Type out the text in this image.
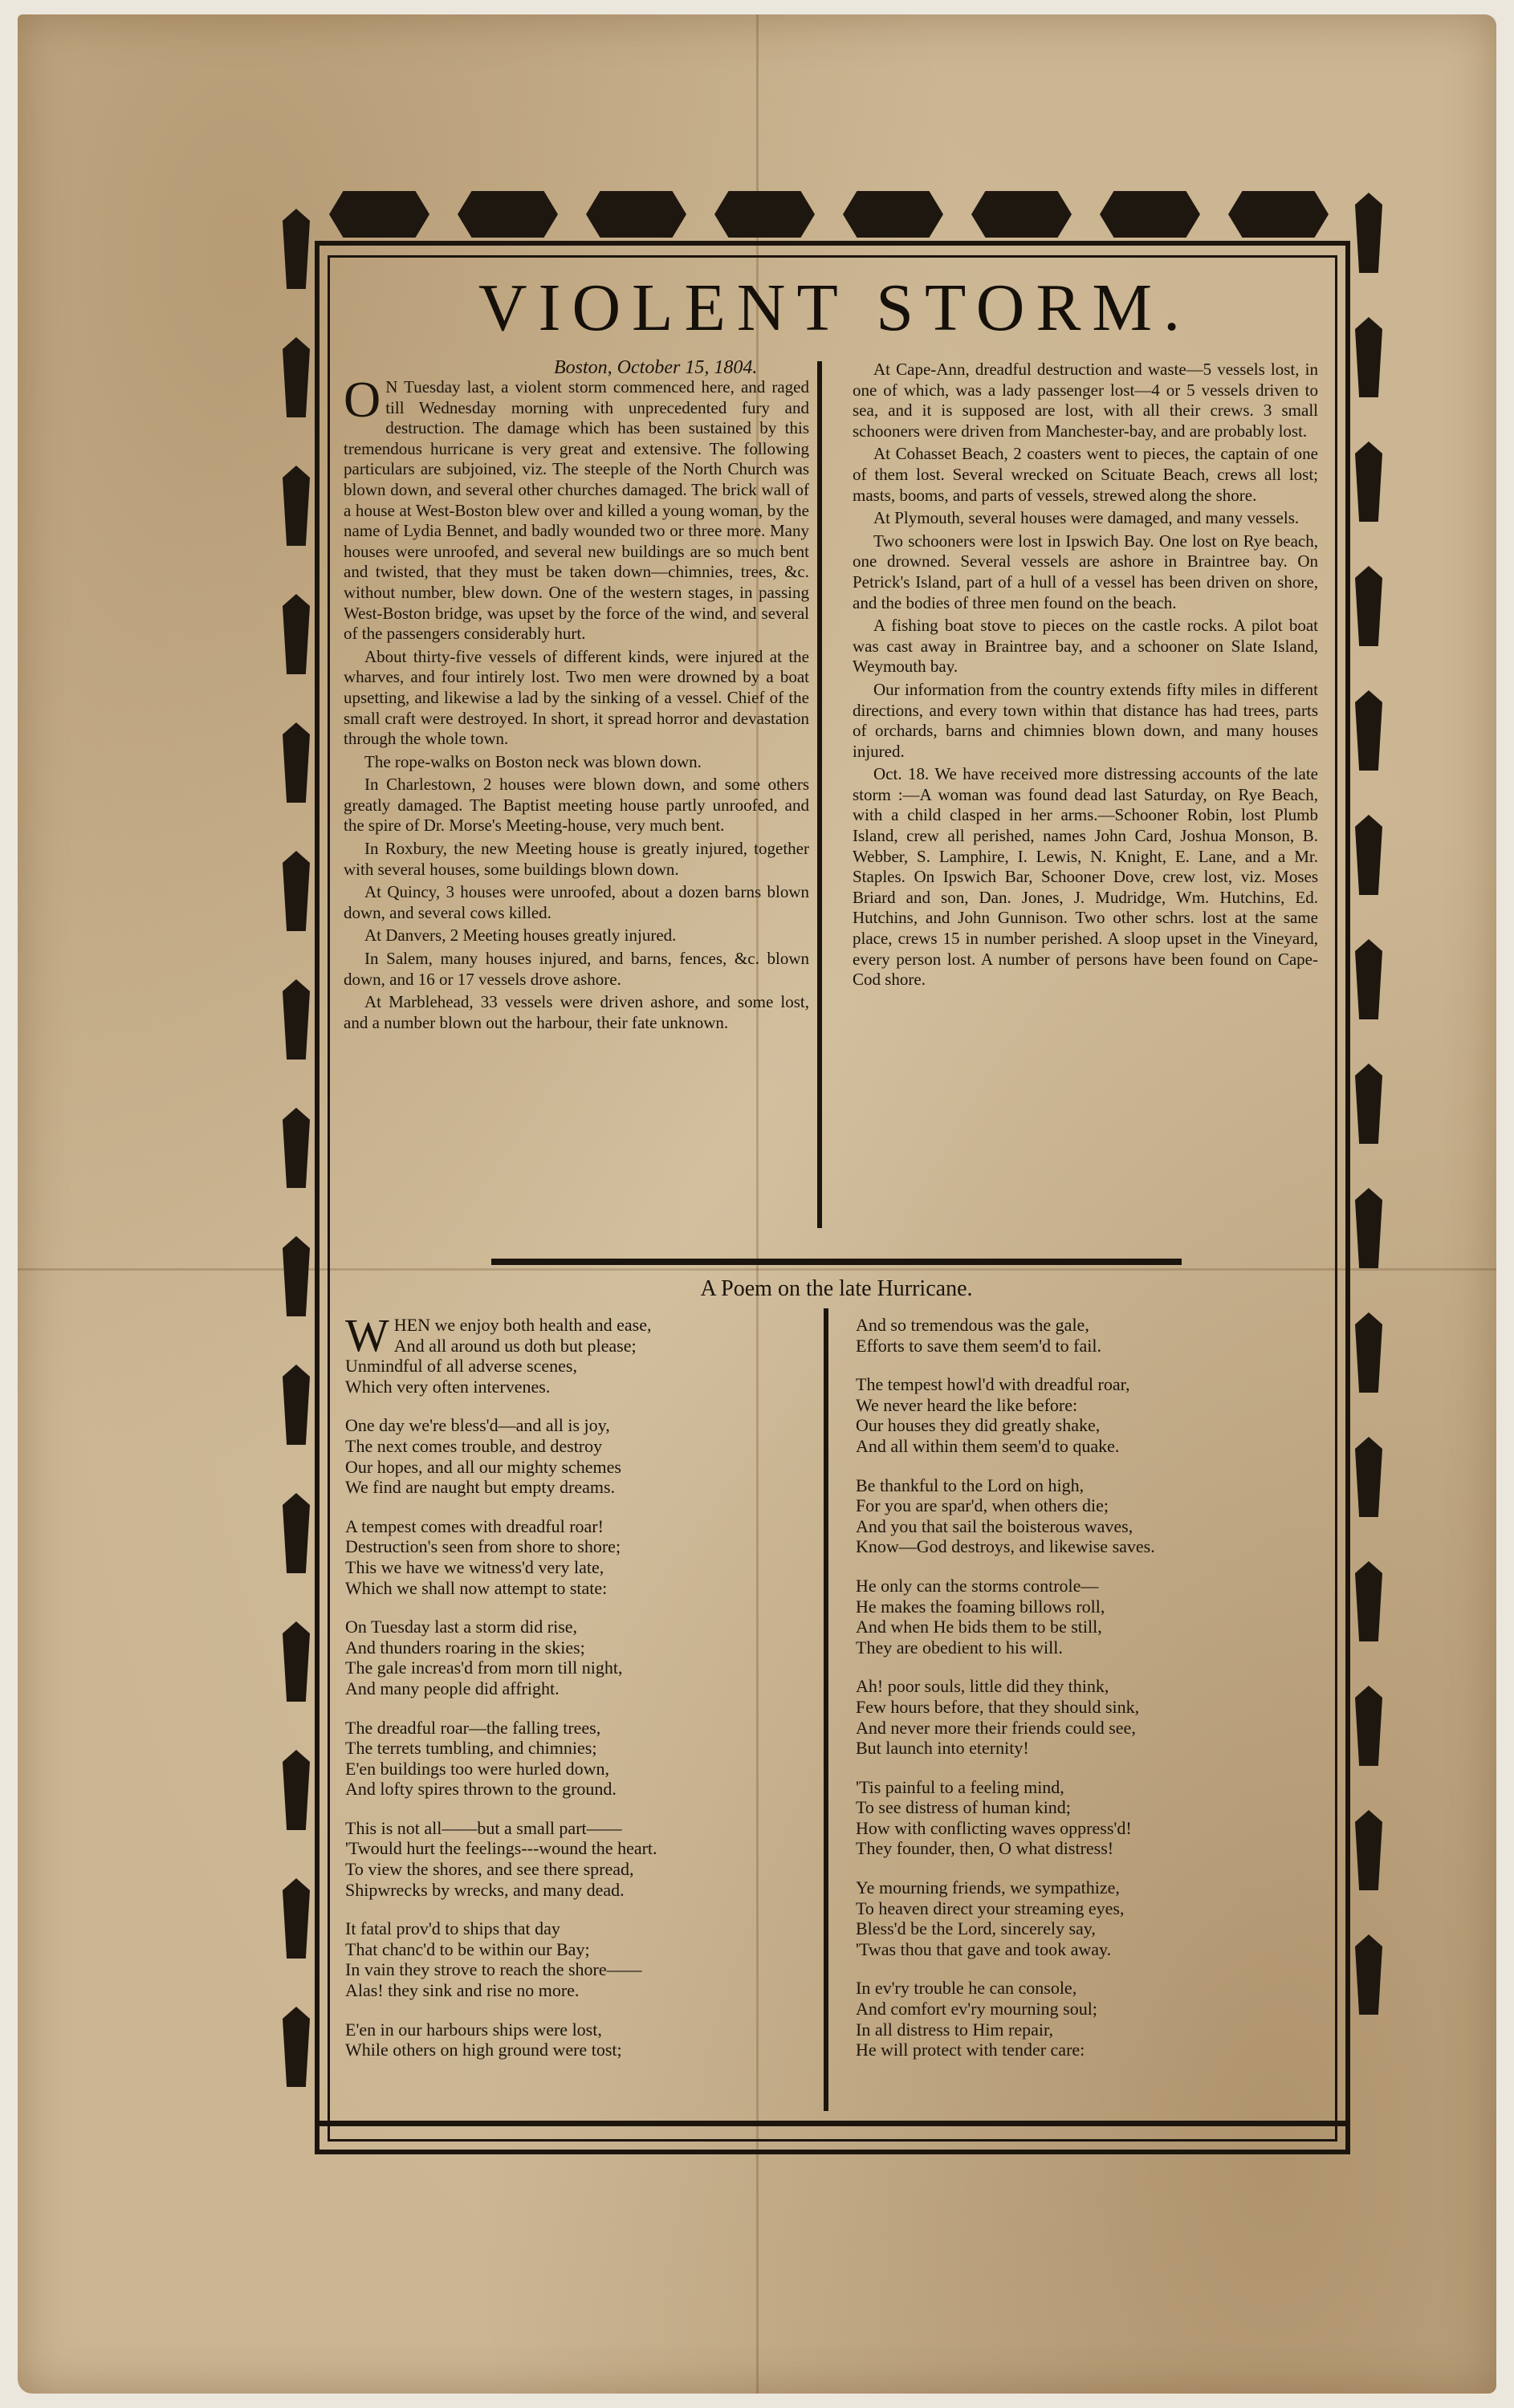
VIOLENT STORM.
Boston, October 15, 1804.

O N Tuesday last, a violent storm commenced here, and raged till Wednesday morning with unprecedented fury and destruction. The damage which has been sustained by this tremendous hurricane is very great and extensive. The following particulars are subjoined, viz. The steeple of the North Church was blown down, and several other churches damaged. The brick wall of a house at West-Boston blew over and killed a young woman, by the name of Lydia Bennet, and badly wounded two or three more. Many houses were unroofed, and several new buildings are so much bent and twisted, that they must be taken down—chimnies, trees, &c. without number, blew down. One of the western stages, in passing West-Boston bridge, was upset by the force of the wind, and several of the passengers considerably hurt.

About thirty-five vessels of different kinds, were injured at the wharves, and four intirely lost. Two men were drowned by a boat upsetting, and likewise a lad by the sinking of a vessel. Chief of the small craft were destroyed. In short, it spread horror and devastation through the whole town.

The rope-walks on Boston neck was blown down.

In Charlestown, 2 houses were blown down, and some others greatly damaged. The Baptist meeting house partly unroofed, and the spire of Dr. Morse's Meeting-house, very much bent.

In Roxbury, the new Meeting house is greatly injured, together with several houses, some buildings blown down.

At Quincy, 3 houses were unroofed, about a dozen barns blown down, and several cows killed.

At Danvers, 2 Meeting houses greatly injured.

In Salem, many houses injured, and barns, fences, &c. blown down, and 16 or 17 vessels drove ashore.

At Marblehead, 33 vessels were driven ashore, and some lost, and a number blown out the harbour, their fate unknown.

At Cape-Ann, dreadful destruction and waste—5 vessels lost, in one of which, was a lady passenger lost—4 or 5 vessels driven to sea, and it is supposed are lost, with all their crews. 3 small schooners were driven from Manchester-bay, and are probably lost.

At Cohasset Beach, 2 coasters went to pieces, the captain of one of them lost. Several wrecked on Scituate Beach, crews all lost; masts, booms, and parts of vessels, strewed along the shore.

At Plymouth, several houses were damaged, and many vessels.

Two schooners were lost in Ipswich Bay. One lost on Rye beach, one drowned. Several vessels are ashore in Braintree bay. On Petrick's Island, part of a hull of a vessel has been driven on shore, and the bodies of three men found on the beach.

A fishing boat stove to pieces on the castle rocks. A pilot boat was cast away in Braintree bay, and a schooner on Slate Island, Weymouth bay.

Our information from the country extends fifty miles in different directions, and every town within that distance has had trees, parts of orchards, barns and chimnies blown down, and many houses injured.

Oct. 18. We have received more distressing accounts of the late storm :—A woman was found dead last Saturday, on Rye Beach, with a child clasped in her arms.—Schooner Robin, lost Plumb Island, crew all perished, names John Card, Joshua Monson, B. Webber, S. Lamphire, I. Lewis, N. Knight, E. Lane, and a Mr. Staples. On Ipswich Bar, Schooner Dove, crew lost, viz. Moses Briard and son, Dan. Jones, J. Mudridge, Wm. Hutchins, Ed. Hutchins, and John Gunnison. Two other schrs. lost at the same place, crews 15 in number perished. A sloop upset in the Vineyard, every person lost. A number of persons have been found on Cape-Cod shore.

A Poem on the late Hurricane.
W HEN we enjoy both health and ease,
And all around us doth but please;
Unmindful of all adverse scenes,
Which very often intervenes.
One day we're bless'd—and all is joy,
The next comes trouble, and destroy
Our hopes, and all our mighty schemes
We find are naught but empty dreams.
A tempest comes with dreadful roar!
Destruction's seen from shore to shore;
This we have we witness'd very late,
Which we shall now attempt to state:
On Tuesday last a storm did rise,
And thunders roaring in the skies;
The gale increas'd from morn till night,
And many people did affright.
The dreadful roar—the falling trees,
The terrets tumbling, and chimnies;
E'en buildings too were hurled down,
And lofty spires thrown to the ground.
This is not all——but a small part——
'Twould hurt the feelings---wound the heart.
To view the shores, and see there spread,
Shipwrecks by wrecks, and many dead.
It fatal prov'd to ships that day
That chanc'd to be within our Bay;
In vain they strove to reach the shore——
Alas! they sink and rise no more.
E'en in our harbours ships were lost,
While others on high ground were tost;
And so tremendous was the gale,
Efforts to save them seem'd to fail.
The tempest howl'd with dreadful roar,
We never heard the like before:
Our houses they did greatly shake,
And all within them seem'd to quake.
Be thankful to the Lord on high,
For you are spar'd, when others die;
And you that sail the boisterous waves,
Know—God destroys, and likewise saves.
He only can the storms controle—
He makes the foaming billows roll,
And when He bids them to be still,
They are obedient to his will.
Ah! poor souls, little did they think,
Few hours before, that they should sink,
And never more their friends could see,
But launch into eternity!
'Tis painful to a feeling mind,
To see distress of human kind;
How with conflicting waves oppress'd!
They founder, then, O what distress!
Ye mourning friends, we sympathize,
To heaven direct your streaming eyes,
Bless'd be the Lord, sincerely say,
'Twas thou that gave and took away.
In ev'ry trouble he can console,
And comfort ev'ry mourning soul;
In all distress to Him repair,
He will protect with tender care:
